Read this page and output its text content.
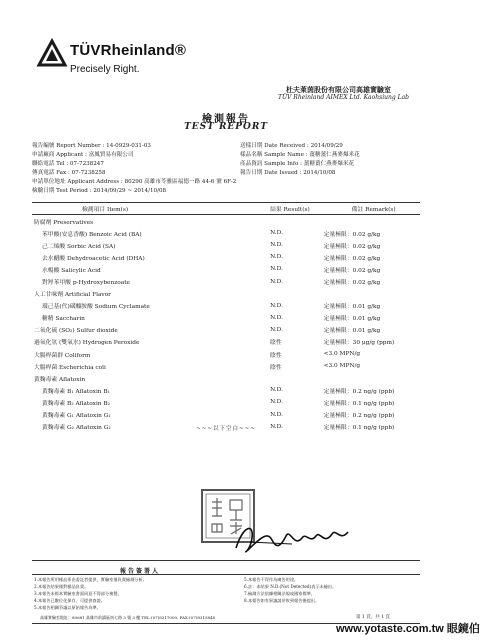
TÜVRheinland®
Precisely Right.
杜夫萊茵股份有限公司高雄實驗室
TÜV Rheinland AIMEX Ltd. Kaohsiung Lab
檢測報告
TEST REPORT
報告編號 Report Number : 14-0929-031-03
申請廠商 Applicant : 富鳳貿易有限公司
聯絡電話 Tel : 07-7238247
傳真電話 Fax : 07-7238258
申請單位地址 Applicant Address : 80290 高雄市苓雅區福德一路 44-6 號 6F-2
檢驗日期 Test Period : 2014/09/29 ~ 2014/10/08
送樣日期 Date Received : 2014/09/29
樣品名稱 Sample Name : 薑糖薑仁燕麥爆米花
產品資訊 Sample Info : 薑糖薑仁燕麥爆米花
報告日期 Date Issued : 2014/10/08
檢測項目 Item(s)	結果 Result(s)	備註 Remark(s)
防腐劑 Preservatives		
苯甲酸(安息香酸) Benzoic Acid (BA)	N.D.	定量極限：0.02 g/kg
己二烯酸 Sorbic Acid (SA)	N.D.	定量極限：0.02 g/kg
去水醋酸 Dehydroacetic Acid (DHA)	N.D.	定量極限：0.02 g/kg
水楊酸 Salicylic Acid	N.D.	定量極限：0.02 g/kg
對羥苯甲酸 p-Hydroxybenzoate	N.D.	定量極限：0.02 g/kg
人工甘味劑 Artificial Flavor		
環己基(代)磺醯胺酸 Sodium Cyclamate	N.D.	定量極限：0.01 g/kg
糖精 Saccharin	N.D.	定量極限：0.01 g/kg
二氧化硫 (SO₂) Sulfur dioxide	N.D.	定量極限：0.01 g/kg
過氧化氫 (雙氧水) Hydrogen Peroxide	陰性	定量極限：30 μg/g (ppm)
大腸桿菌群 Coliform	陰性	<3.0 MPN/g
大腸桿菌 Escherichia coli	陰性	<3.0 MPN/g
黃麴毒素 Aflatoxin		
黃麴毒素 B₁ Aflatoxin B₁	N.D.	定量極限：0.2 ng/g (ppb)
黃麴毒素 B₂ Aflatoxin B₂	N.D.	定量極限：0.1 ng/g (ppb)
黃麴毒素 G₁ Aflatoxin G₁	N.D.	定量極限：0.2 ng/g (ppb)
黃麴毒素 G₂ Aflatoxin G₂	N.D.	定量極限：0.1 ng/g (ppb)
~~~以下空白~~~
報告簽署人
1.本報告所用樣品係由委託者提供，實驗室僅負責檢測分析。
2.本報告結果僅對樣品負責。
3.本報告未經本實驗室書面同意不得部分複製。
4.本報告已數位化保存，可提供查證。
5.本報告相關爭議以原始報告為準。
5.本報告不得作為廣告用途。
6.註：本結果 N.D.(Not Detected)表示未檢出。
7.檢測方法依據相關法規或國家標準。
8.本報告如有異議請於收到報告後提出。
高雄實驗室地址：80681 高雄市前鎮區南七路 3 號 3 樓 TEL:(07)8317000, FAX:(07)8315848	第 1 頁，共 1 頁
www.yotaste.com.tw 眼鏡伯
